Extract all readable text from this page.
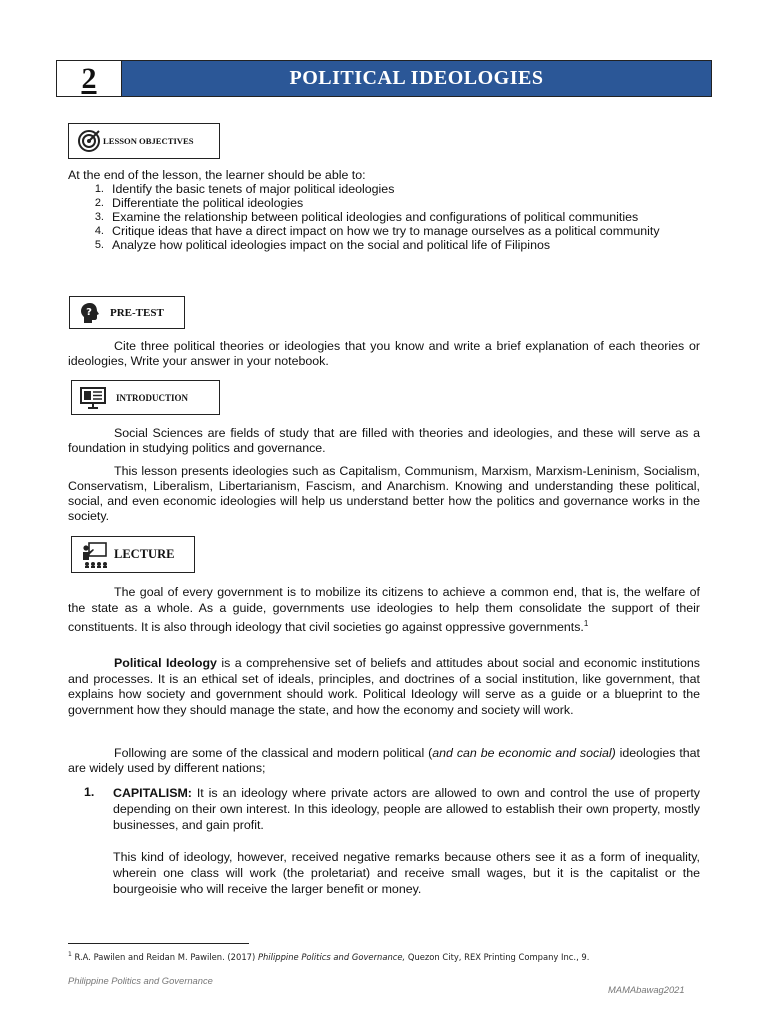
2	POLITICAL IDEOLOGIES
LESSON OBJECTIVES
At the end of the lesson, the learner should be able to:
1. Identify the basic tenets of major political ideologies
2. Differentiate the political ideologies
3. Examine the relationship between political ideologies and configurations of political communities
4. Critique ideas that have a direct impact on how we try to manage ourselves as a political community
5. Analyze how political ideologies impact on the social and political life of Filipinos
? PRE-TEST
Cite three political theories or ideologies that you know and write a brief explanation of each theories or ideologies, Write your answer in your notebook.
INTRODUCTION
Social Sciences are fields of study that are filled with theories and ideologies, and these will serve as a foundation in studying politics and governance.
This lesson presents ideologies such as Capitalism, Communism, Marxism, Marxism-Leninism, Socialism, Conservatism, Liberalism, Libertarianism, Fascism, and Anarchism. Knowing and understanding these political, social, and even economic ideologies will help us understand better how the politics and governance works in the society.
LECTURE
The goal of every government is to mobilize its citizens to achieve a common end, that is, the welfare of the state as a whole. As a guide, governments use ideologies to help them consolidate the support of their constituents. It is also through ideology that civil societies go against oppressive governments.$^1$
Political Ideology is a comprehensive set of beliefs and attitudes about social and economic institutions and processes. It is an ethical set of ideals, principles, and doctrines of a social institution, like government, that explains how society and government should work. Political Ideology will serve as a guide or a blueprint to the government how they should manage the state, and how the economy and society will work.
Following are some of the classical and modern political (and can be economic and social) ideologies that are widely used by different nations;
1.	CAPITALISM: It is an ideology where private actors are allowed to own and control the use of property depending on their own interest. In this ideology, people are allowed to establish their own property, mostly businesses, and gain profit.
This kind of ideology, however, received negative remarks because others see it as a form of inequality, wherein one class will work (the proletariat) and receive small wages, but it is the capitalist or the bourgeoisie who will receive the larger benefit or money.
$^1$ R.A. Pawilen and Reidan M. Pawilen. (2017) Philippine Politics and Governance, Quezon City, REX Printing Company Inc., 9.
Philippine Politics and Governance
MAMAbawag2021
